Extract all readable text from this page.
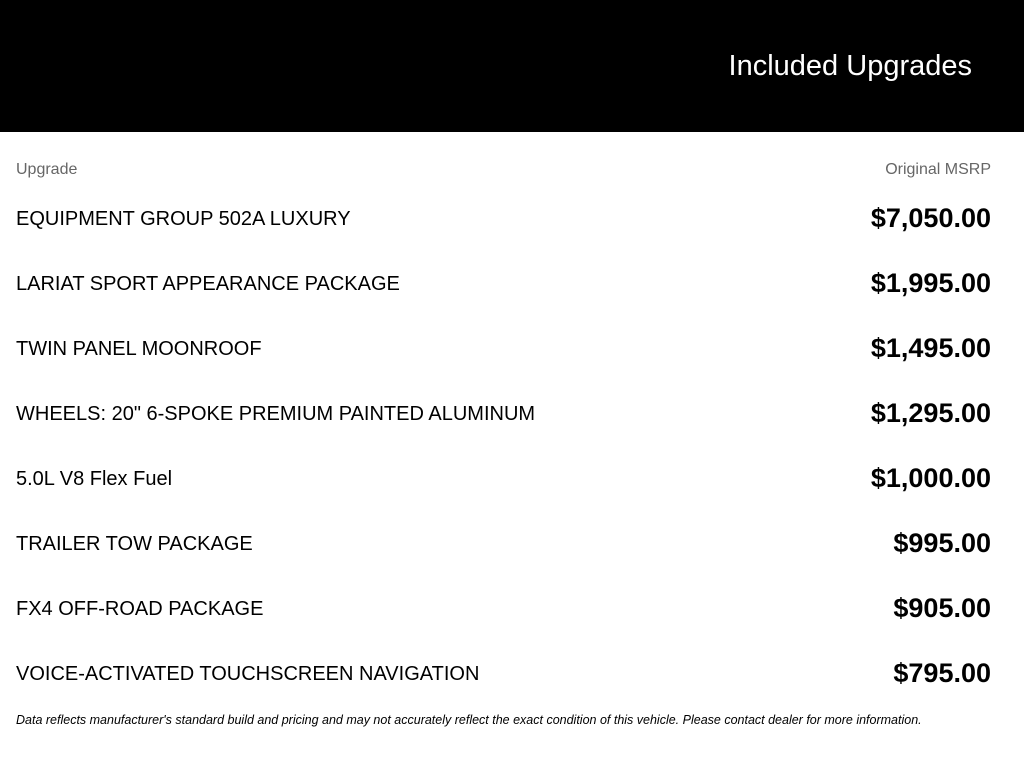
Included Upgrades
Upgrade	Original MSRP
EQUIPMENT GROUP 502A LUXURY	$7,050.00
LARIAT SPORT APPEARANCE PACKAGE	$1,995.00
TWIN PANEL MOONROOF	$1,495.00
WHEELS: 20" 6-SPOKE PREMIUM PAINTED ALUMINUM	$1,295.00
5.0L V8 Flex Fuel	$1,000.00
TRAILER TOW PACKAGE	$995.00
FX4 OFF-ROAD PACKAGE	$905.00
VOICE-ACTIVATED TOUCHSCREEN NAVIGATION	$795.00
Data reflects manufacturer's standard build and pricing and may not accurately reflect the exact condition of this vehicle. Please contact dealer for more information.
